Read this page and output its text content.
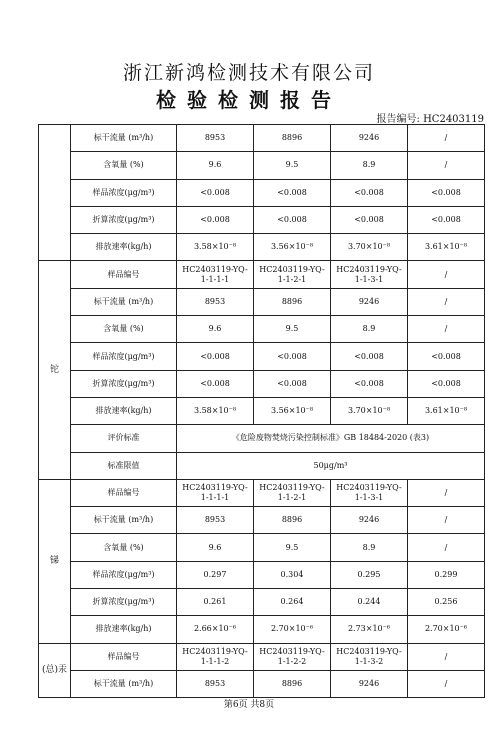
浙江新鸿检测技术有限公司
检验检测报告
报告编号: HC2403119
	标干流量 (m³/h)	8953	8896	9246	/
	含氧量 (%)	9.6	9.5	8.9	/
	样品浓度(μg/m³)	<0.008	<0.008	<0.008	<0.008
	折算浓度(μg/m³)	<0.008	<0.008	<0.008	<0.008
	排放速率(kg/h)	3.58×10⁻⁸	3.56×10⁻⁸	3.70×10⁻⁸	3.61×10⁻⁸
铊	样品编号	HC2403119-YQ-1-1-1-1	HC2403119-YQ-1-1-2-1	HC2403119-YQ-1-1-3-1	/
	标干流量 (m³/h)	8953	8896	9246	/
	含氧量 (%)	9.6	9.5	8.9	/
	样品浓度(μg/m³)	<0.008	<0.008	<0.008	<0.008
	折算浓度(μg/m³)	<0.008	<0.008	<0.008	<0.008
	排放速率(kg/h)	3.58×10⁻⁸	3.56×10⁻⁸	3.70×10⁻⁸	3.61×10⁻⁸
	评价标准	《危险废物焚烧污染控制标准》GB 18484-2020 (表3)			
	标准限值	50μg/m³			
锑	样品编号	HC2403119-YQ-1-1-1-1	HC2403119-YQ-1-1-2-1	HC2403119-YQ-1-1-3-1	/
	标干流量 (m³/h)	8953	8896	9246	/
	含氧量 (%)	9.6	9.5	8.9	/
	样品浓度(μg/m³)	0.297	0.304	0.295	0.299
	折算浓度(μg/m³)	0.261	0.264	0.244	0.256
	排放速率(kg/h)	2.66×10⁻⁶	2.70×10⁻⁶	2.73×10⁻⁶	2.70×10⁻⁶
(总)汞	样品编号	HC2403119-YQ-1-1-1-2	HC2403119-YQ-1-1-2-2	HC2403119-YQ-1-1-3-2	/
	标干流量 (m³/h)	8953	8896	9246	/
第6页 共8页
